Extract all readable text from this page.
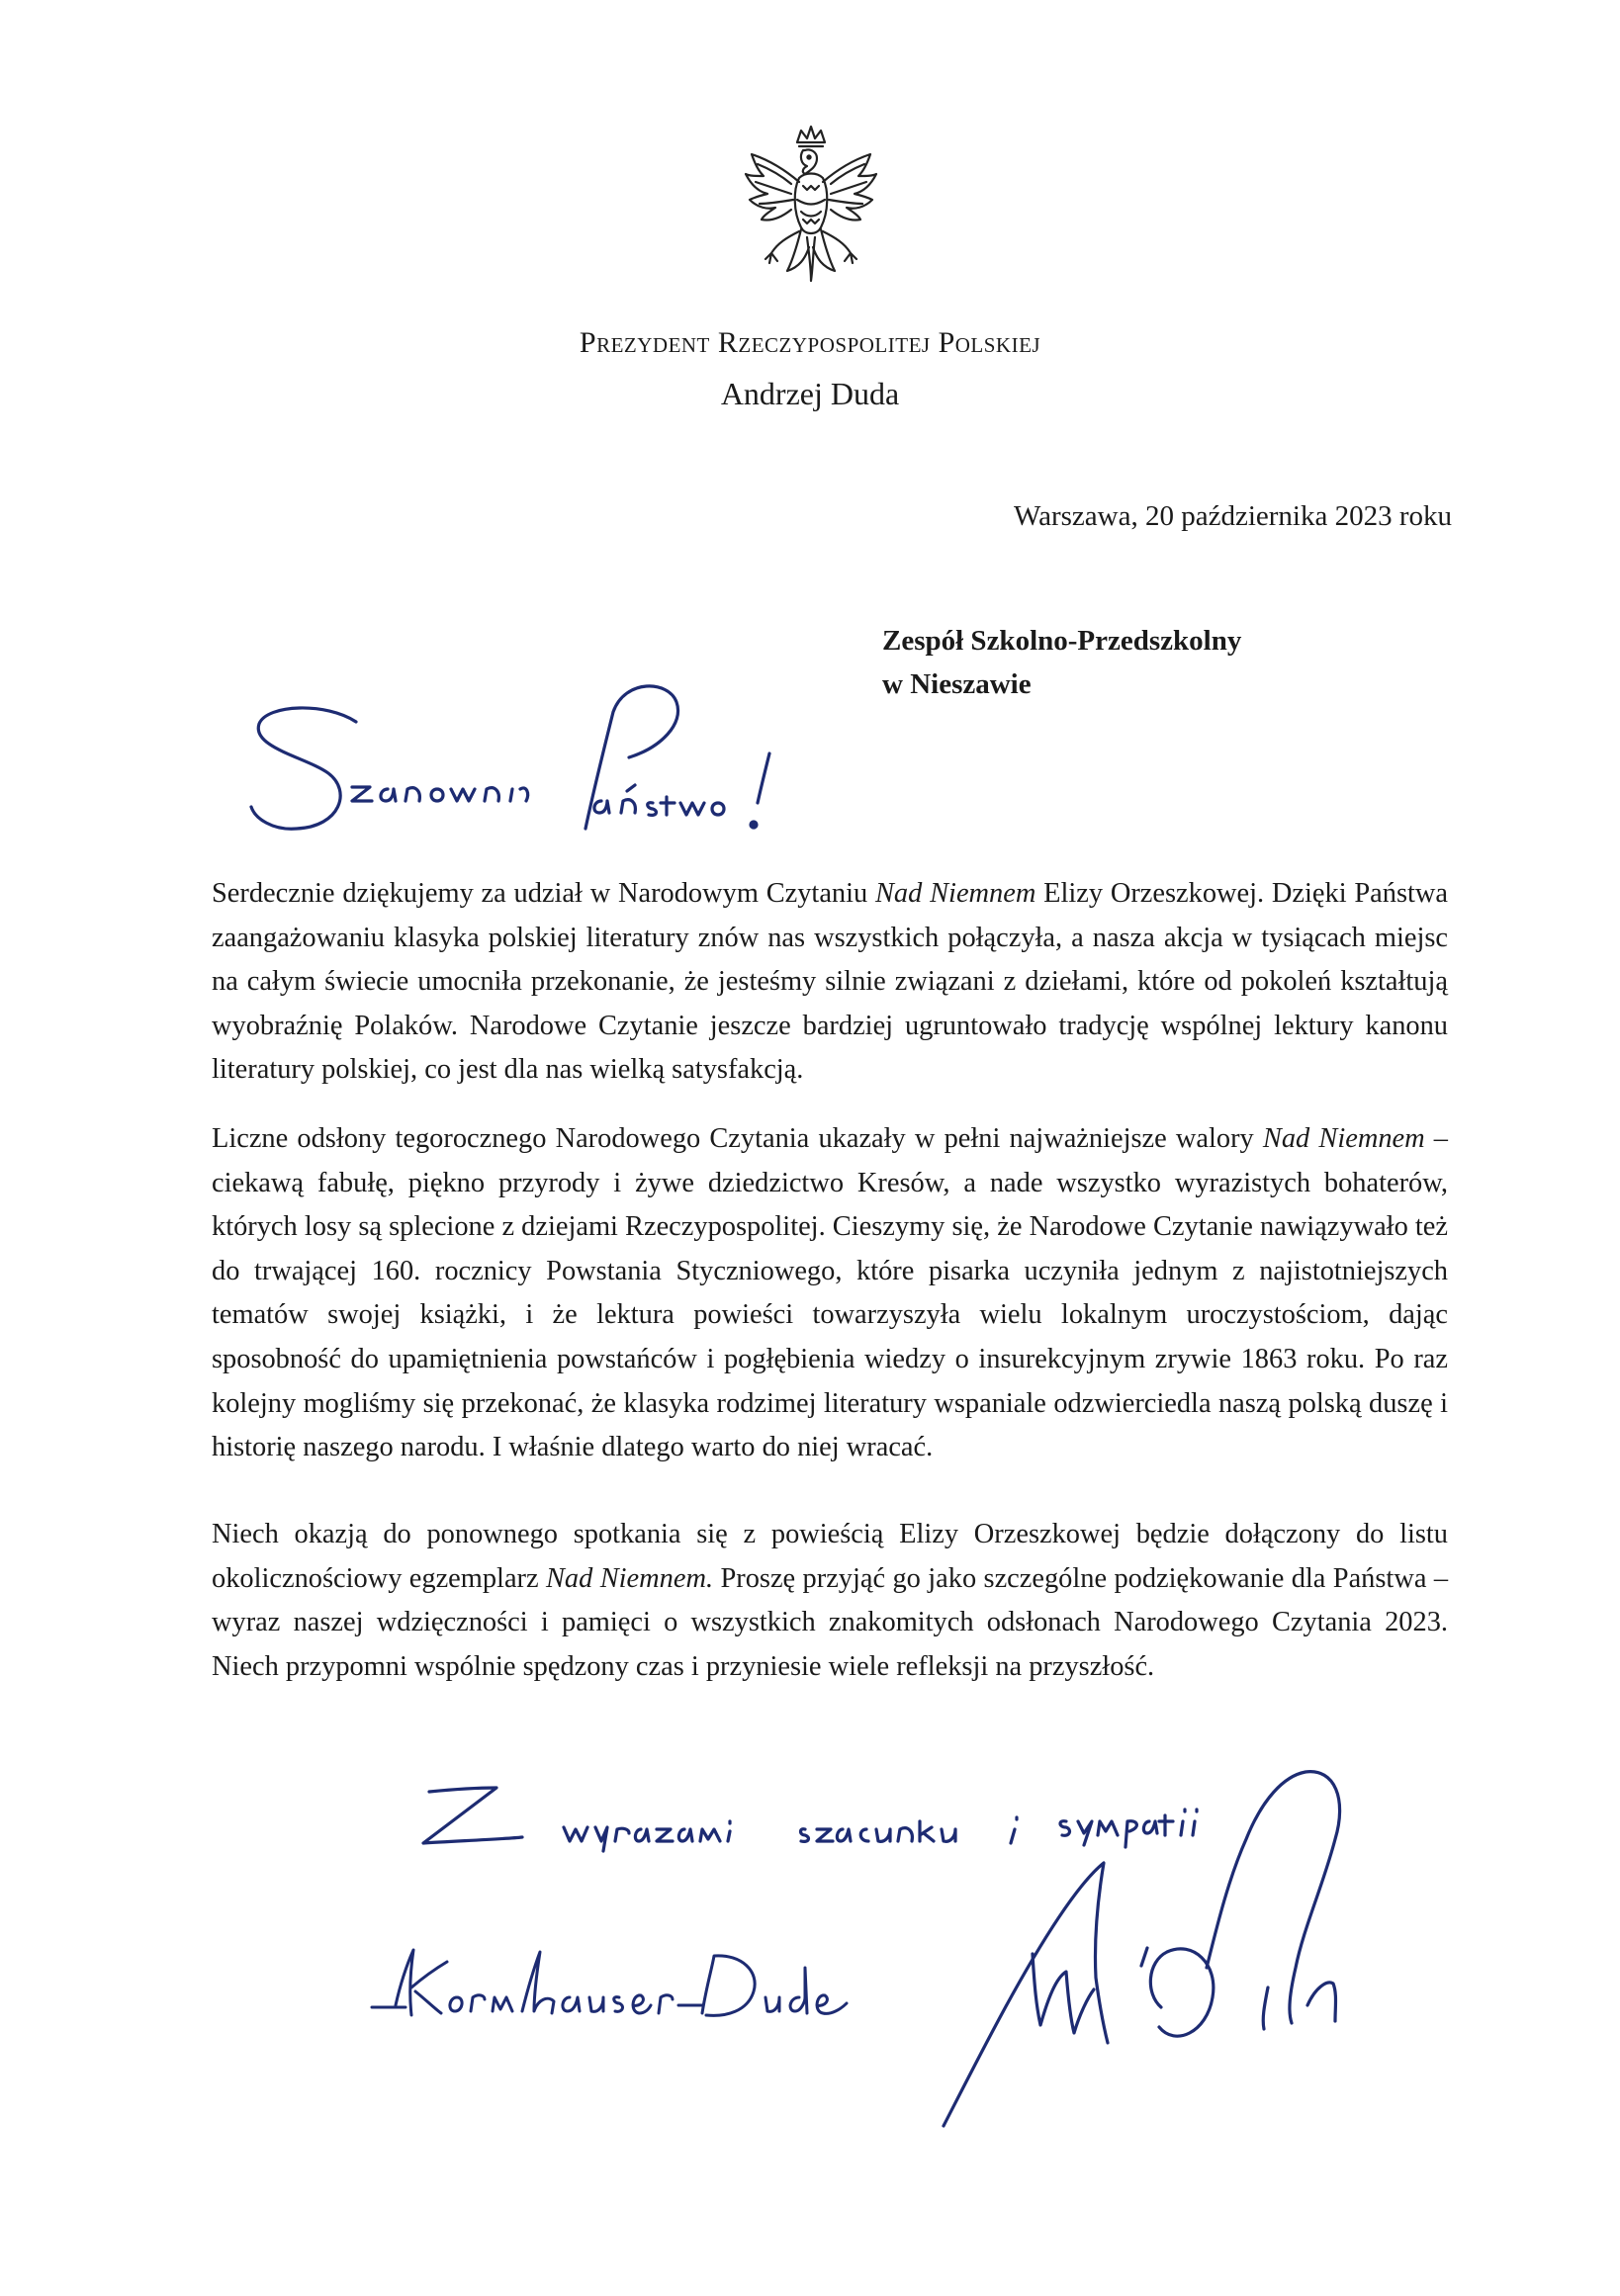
Prezydent Rzeczypospolitej Polskiej
Andrzej Duda
Warszawa, 20 października 2023 roku
Zespół Szkolno-Przedszkolny
w Nieszawie
Serdecznie dziękujemy za udział w Narodowym Czytaniu Nad Niemnem Elizy Orzeszkowej. Dzięki Państwa zaangażowaniu klasyka polskiej literatury znów nas wszystkich połączyła, a nasza akcja w tysiącach miejsc na całym świecie umocniła przekonanie, że jesteśmy silnie związani z dziełami, które od pokoleń kształtują wyobraźnię Polaków. Narodowe Czytanie jeszcze bardziej ugruntowało tradycję wspólnej lektury kanonu literatury polskiej, co jest dla nas wielką satysfakcją.
Liczne odsłony tegorocznego Narodowego Czytania ukazały w pełni najważniejsze walory Nad Niemnem – ciekawą fabułę, piękno przyrody i żywe dziedzictwo Kresów, a nade wszystko wyrazistych bohaterów, których losy są splecione z dziejami Rzeczypospolitej. Cieszymy się, że Narodowe Czytanie nawiązywało też do trwającej 160. rocznicy Powstania Styczniowego, które pisarka uczyniła jednym z najistotniejszych tematów swojej książki, i że lektura powieści towarzyszyła wielu lokalnym uroczystościom, dając sposobność do upamiętnienia powstańców i pogłębienia wiedzy o insurekcyjnym zrywie 1863 roku. Po raz kolejny mogliśmy się przekonać, że klasyka rodzimej literatury wspaniale odzwierciedla naszą polską duszę i historię naszego narodu. I właśnie dlatego warto do niej wracać.
Niech okazją do ponownego spotkania się z powieścią Elizy Orzeszkowej będzie dołączony do listu okolicznościowy egzemplarz Nad Niemnem. Proszę przyjąć go jako szczególne podziękowanie dla Państwa – wyraz naszej wdzięczności i pamięci o wszystkich znakomitych odsłonach Narodowego Czytania 2023. Niech przypomni wspólnie spędzony czas i przyniesie wiele refleksji na przyszłość.
